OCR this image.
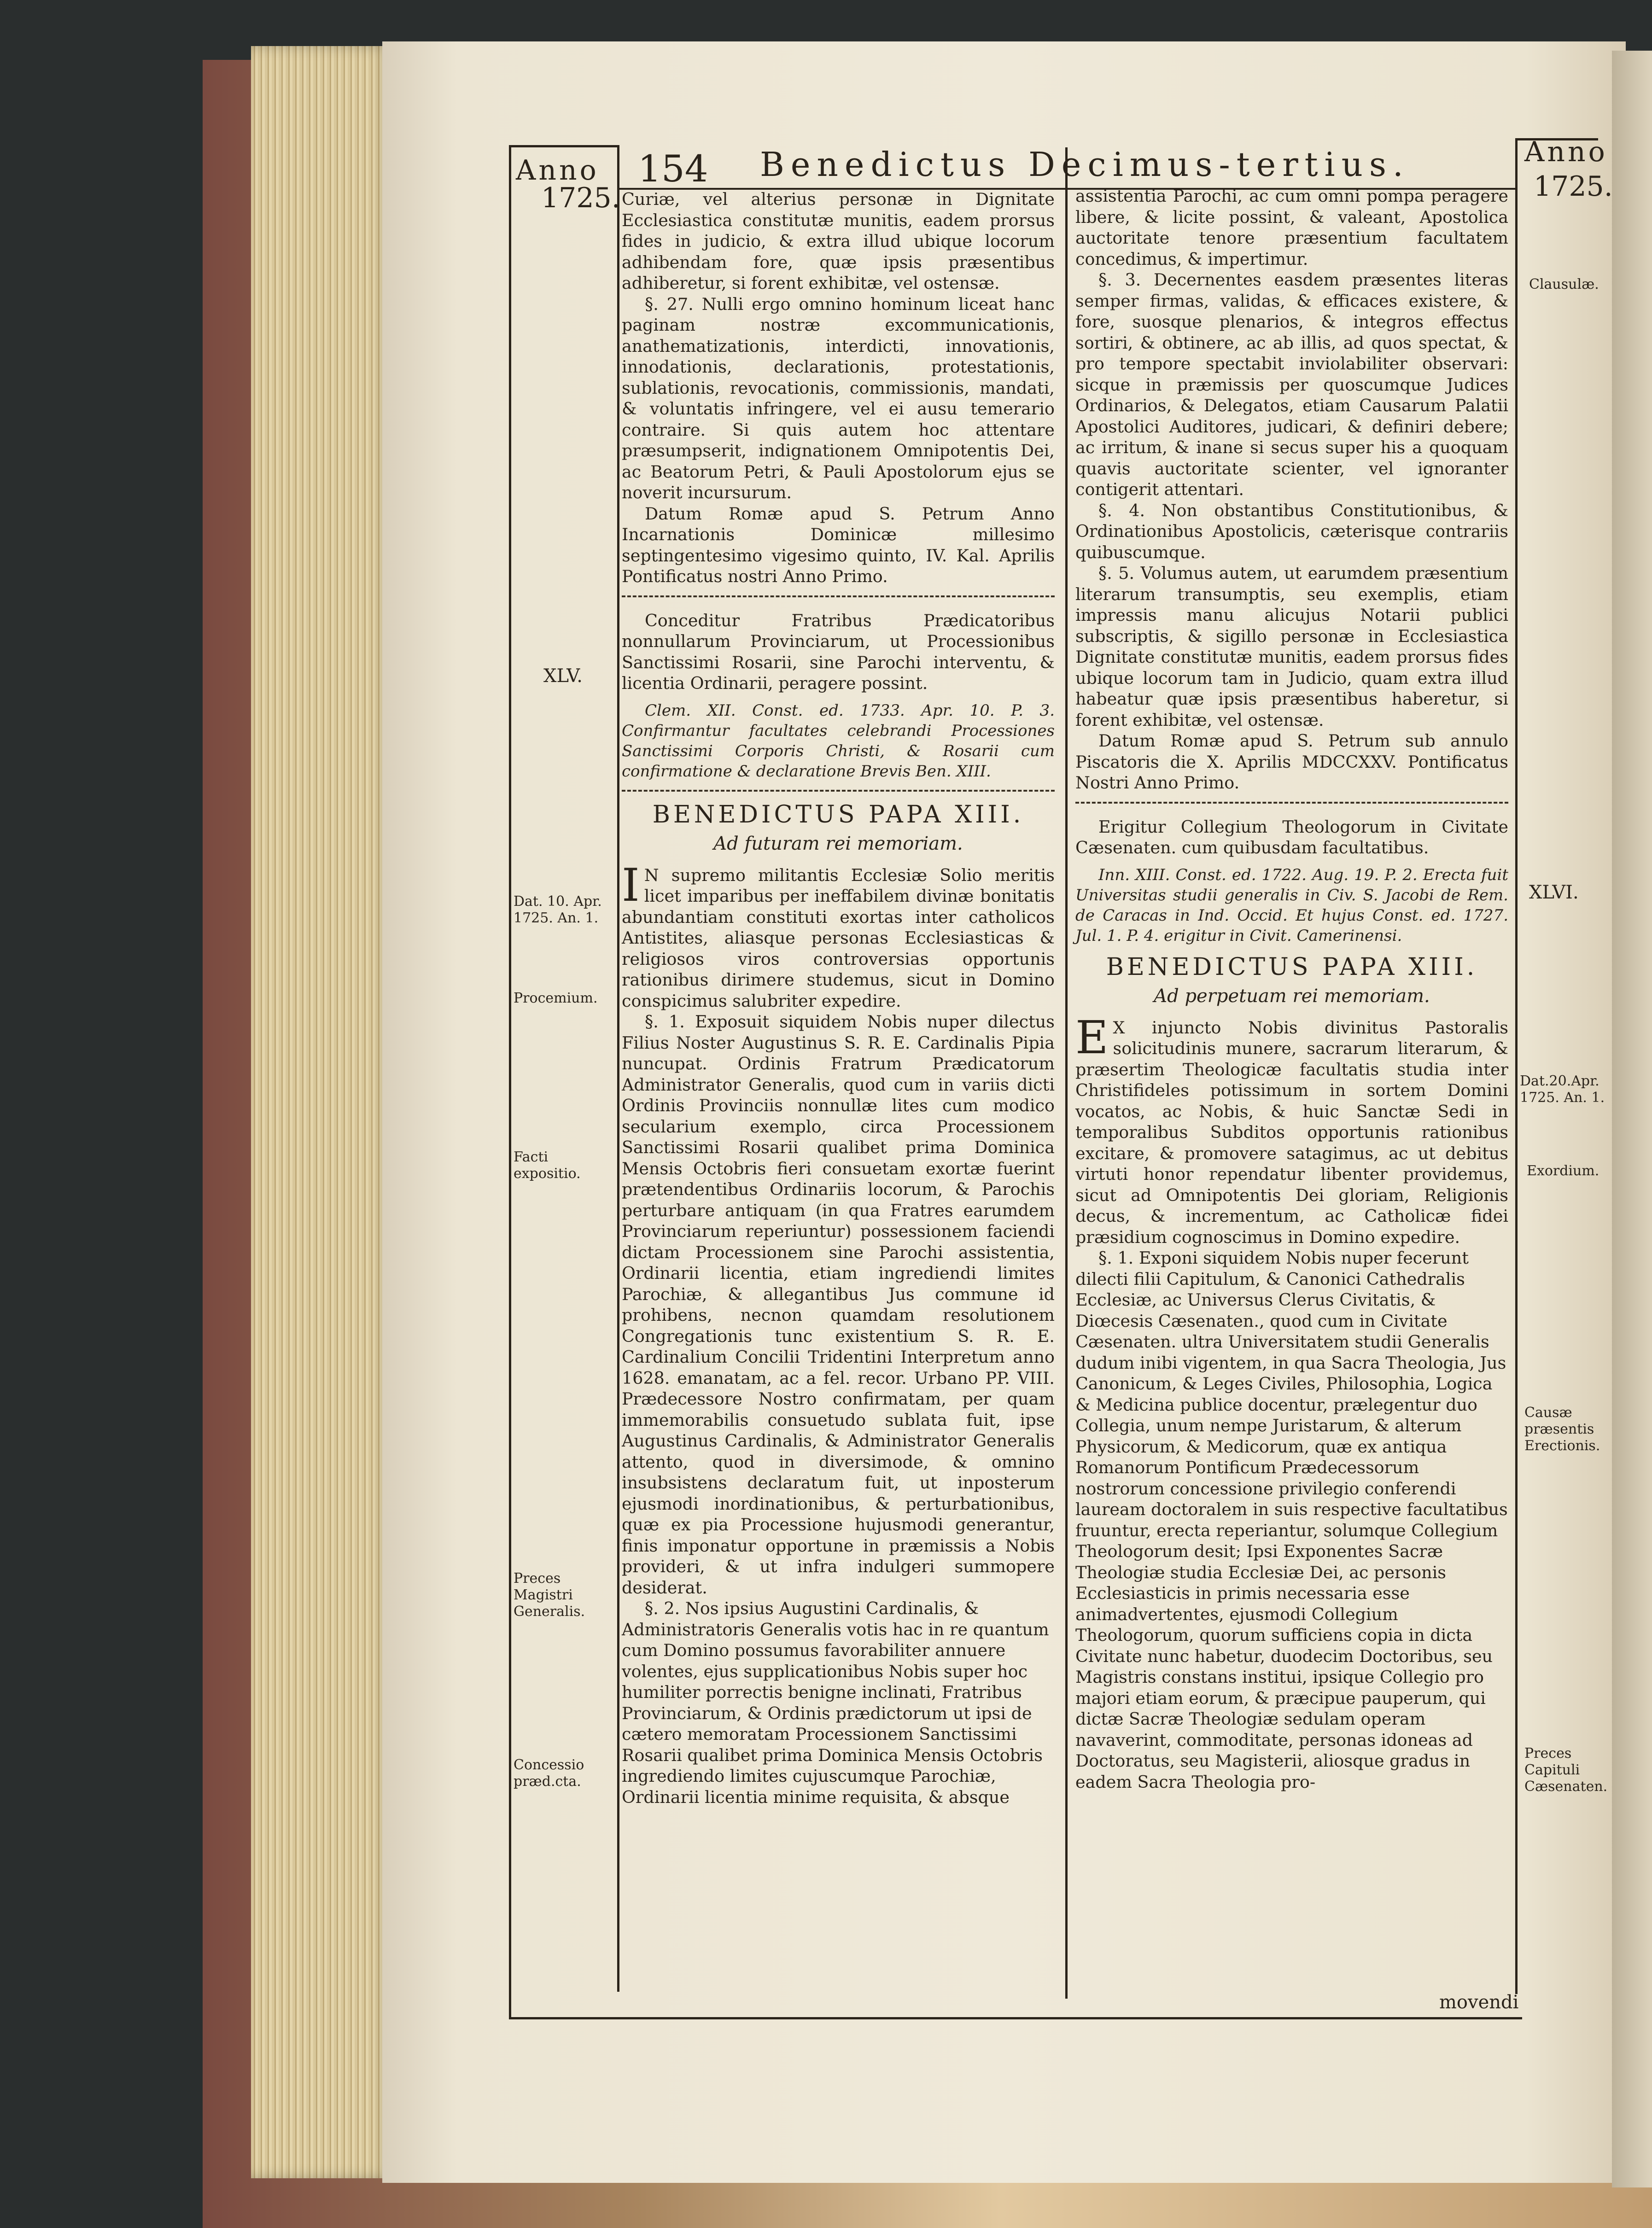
Anno
1725.
154 Benedictus Decimus-tertius.	Anno
1725.

Curiæ, vel alterius personæ in Dignitate Ecclesiastica constitutæ munitis, eadem prorsus fides in judicio, & extra illud ubique locorum adhibendam fore, quæ ipsis præsentibus adhiberetur, si forent exhibitæ, vel ostensæ.

§. 27. Nulli ergo omnino hominum liceat hanc paginam nostræ excommunicationis, anathematizationis, interdicti, innovationis, innodationis, declarationis, protestationis, sublationis, revocationis, commissionis, mandati, & voluntatis infringere, vel ei ausu temerario contraire. Si quis autem hoc attentare præsumpserit, indignationem Omnipotentis Dei, ac Beatorum Petri, & Pauli Apostolorum ejus se noverit incursurum.

Datum Romæ apud S. Petrum Anno Incarnationis Dominicæ millesimo septingentesimo vigesimo quinto, IV. Kal. Aprilis Pontificatus nostri Anno Primo.

Conceditur Fratribus Prædicatoribus nonnullarum Provinciarum, ut Processionibus Sanctissimi Rosarii, sine Parochi interventu, & licentia Ordinarii, peragere possint.

Clem. XII. Const. ed. 1733. Apr. 10. P. 3. Confirmantur facultates celebrandi Processiones Sanctissimi Corporis Christi, & Rosarii cum confirmatione & declaratione Brevis Ben. XIII.

BENEDICTUS PAPA XIII.
Ad futuram rei memoriam.

I N supremo militantis Ecclesiæ Solio meritis licet imparibus per ineffabilem divinæ bonitatis abundantiam constituti exortas inter catholicos Antistites, aliasque personas Ecclesiasticas & religiosos viros controversias opportunis rationibus dirimere studemus, sicut in Domino conspicimus salubriter expedire.

§. 1. Exposuit siquidem Nobis nuper dilectus Filius Noster Augustinus S. R. E. Cardinalis Pipia nuncupat. Ordinis Fratrum Prædicatorum Administrator Generalis, quod cum in variis dicti Ordinis Provinciis nonnullæ lites cum modico secularium exemplo, circa Processionem Sanctissimi Rosarii qualibet prima Dominica Mensis Octobris fieri consuetam exortæ fuerint prætendentibus Ordinariis locorum, & Parochis perturbare antiquam (in qua Fratres earumdem Provinciarum reperiuntur) possessionem faciendi dictam Processionem sine Parochi assistentia, Ordinarii licentia, etiam ingrediendi limites Parochiæ, & allegantibus Jus commune id prohibens, necnon quamdam resolutionem Congregationis tunc existentium S. R. E. Cardinalium Concilii Tridentini Interpretum anno 1628. emanatam, ac a fel. recor. Urbano PP. VIII. Prædecessore Nostro confirmatam, per quam immemorabilis consuetudo sublata fuit, ipse Augustinus Cardinalis, & Administrator Generalis attento, quod in diversimode, & omnino insubsistens declaratum fuit, ut inposterum ejusmodi inordinationibus, & perturbationibus, quæ ex pia Processione hujusmodi generantur, finis imponatur opportune in præmissis a Nobis provideri, & ut infra indulgeri summopere desiderat.

§. 2. Nos ipsius Augustini Cardinalis, & Administratoris Generalis votis hac in re quantum cum Domino possumus favorabiliter annuere volentes, ejus supplicationibus Nobis super hoc humiliter porrectis benigne inclinati, Fratribus Provinciarum, & Ordinis prædictorum ut ipsi de cætero memoratam Processionem Sanctissimi Rosarii qualibet prima Dominica Mensis Octobris ingrediendo limites cujuscumque Parochiæ, Ordinarii licentia minime requisita, & absque

assistentia Parochi, ac cum omni pompa peragere libere, & licite possint, & valeant, Apostolica auctoritate tenore præsentium facultatem concedimus, & impertimur.

§. 3. Decernentes easdem præsentes literas semper firmas, validas, & efficaces existere, & fore, suosque plenarios, & integros effectus sortiri, & obtinere, ac ab illis, ad quos spectat, & pro tempore spectabit inviolabiliter observari: sicque in præmissis per quoscumque Judices Ordinarios, & Delegatos, etiam Causarum Palatii Apostolici Auditores, judicari, & definiri debere; ac irritum, & inane si secus super his a quoquam quavis auctoritate scienter, vel ignoranter contigerit attentari.

§. 4. Non obstantibus Constitutionibus, & Ordinationibus Apostolicis, cæterisque contrariis quibuscumque.

§. 5. Volumus autem, ut earumdem præsentium literarum transumptis, seu exemplis, etiam impressis manu alicujus Notarii publici subscriptis, & sigillo personæ in Ecclesiastica Dignitate constitutæ munitis, eadem prorsus fides ubique locorum tam in Judicio, quam extra illud habeatur quæ ipsis præsentibus haberetur, si forent exhibitæ, vel ostensæ.

Datum Romæ apud S. Petrum sub annulo Piscatoris die X. Aprilis MDCCXXV. Pontificatus Nostri Anno Primo.

Erigitur Collegium Theologorum in Civitate Cæsenaten. cum quibusdam facultatibus.

Inn. XIII. Const. ed. 1722. Aug. 19. P. 2. Erecta fuit Universitas studii generalis in Civ. S. Jacobi de Rem. de Caracas in Ind. Occid. Et hujus Const. ed. 1727. Jul. 1. P. 4. erigitur in Civit. Camerinensi.

BENEDICTUS PAPA XIII.
Ad perpetuam rei memoriam.

E X injuncto Nobis divinitus Pastoralis solicitudinis munere, sacrarum literarum, & præsertim Theologicæ facultatis studia inter Christifideles potissimum in sortem Domini vocatos, ac Nobis, & huic Sanctæ Sedi in temporalibus Subditos opportunis rationibus excitare, & promovere satagimus, ac ut debitus virtuti honor rependatur libenter providemus, sicut ad Omnipotentis Dei gloriam, Religionis decus, & incrementum, ac Catholicæ fidei præsidium cognoscimus in Domino expedire.

§. 1. Exponi siquidem Nobis nuper fecerunt dilecti filii Capitulum, & Canonici Cathedralis Ecclesiæ, ac Universus Clerus Civitatis, & Diœcesis Cæsenaten., quod cum in Civitate Cæsenaten. ultra Universitatem studii Generalis dudum inibi vigentem, in qua Sacra Theologia, Jus Canonicum, & Leges Civiles, Philosophia, Logica & Medicina publice docentur, prælegentur duo Collegia, unum nempe Juristarum, & alterum Physicorum, & Medicorum, quæ ex antiqua Romanorum Pontificum Prædecessorum nostrorum concessione privilegio conferendi lauream doctoralem in suis respective facultatibus fruuntur, erecta reperiantur, solumque Collegium Theologorum desit; Ipsi Exponentes Sacræ Theologiæ studia Ecclesiæ Dei, ac personis Ecclesiasticis in primis necessaria esse animadvertentes, ejusmodi Collegium Theologorum, quorum sufficiens copia in dicta Civitate nunc habetur, duodecim Doctoribus, seu Magistris constans institui, ipsique Collegio pro majori etiam eorum, & præcipue pauperum, qui dictæ Sacræ Theologiæ sedulam operam navaverint, commoditate, personas idoneas ad Doctoratus, seu Magisterii, aliosque gradus in eadem Sacra Theologia pro-

XLV.
Dat. 10. Apr. 1725. An. 1.
Procemium.
Facti expositio.
Preces Magistri Generalis.
Concessio præd.cta.
Clausulæ.
XLVI.
Dat.20.Apr. 1725. An. 1.
Exordium.
Causæ præsentis Erectionis.
Preces Capituli Cæsenaten.
movendi
